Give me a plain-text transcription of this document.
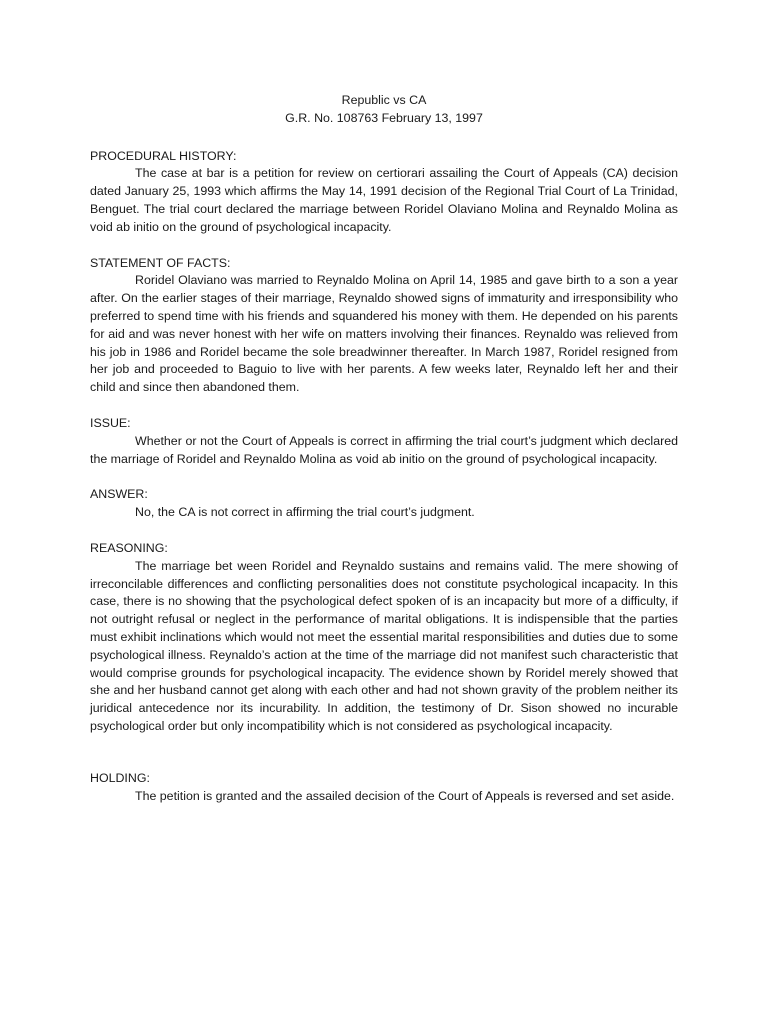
Republic vs CA

G.R. No. 108763 February 13, 1997

PROCEDURAL HISTORY:

The case at bar is a petition for review on certiorari assailing the Court of Appeals (CA) decision dated January 25, 1993 which affirms the May 14, 1991 decision of the Regional Trial Court of La Trinidad, Benguet. The trial court declared the marriage between Roridel Olaviano Molina and Reynaldo Molina as void ab initio on the ground of psychological incapacity.

STATEMENT OF FACTS:

Roridel Olaviano was married to Reynaldo Molina on April 14, 1985 and gave birth to a son a year after. On the earlier stages of their marriage, Reynaldo showed signs of immaturity and irresponsibility who preferred to spend time with his friends and squandered his money with them. He depended on his parents for aid and was never honest with her wife on matters involving their finances. Reynaldo was relieved from his job in 1986 and Roridel became the sole breadwinner thereafter. In March 1987, Roridel resigned from her job and proceeded to Baguio to live with her parents. A few weeks later, Reynaldo left her and their child and since then abandoned them.

ISSUE:

Whether or not the Court of Appeals is correct in affirming the trial court’s judgment which declared the marriage of Roridel and Reynaldo Molina as void ab initio on the ground of psychological incapacity.

ANSWER:

No, the CA is not correct in affirming the trial court’s judgment.

REASONING:

The marriage bet ween Roridel and Reynaldo sustains and remains valid. The mere showing of irreconcilable differences and conflicting personalities does not constitute psychological incapacity. In this case, there is no showing that the psychological defect spoken of is an incapacity but more of a difficulty, if not outright refusal or neglect in the performance of marital obligations. It is indispensible that the parties must exhibit inclinations which would not meet the essential marital responsibilities and duties due to some psychological illness. Reynaldo’s action at the time of the marriage did not manifest such characteristic that would comprise grounds for psychological incapacity. The evidence shown by Roridel merely showed that she and her husband cannot get along with each other and had not shown gravity of the problem neither its juridical antecedence nor its incurability. In addition, the testimony of Dr. Sison showed no incurable psychological order but only incompatibility which is not considered as psychological incapacity.

HOLDING:

The petition is granted and the assailed decision of the Court of Appeals is reversed and set aside.
